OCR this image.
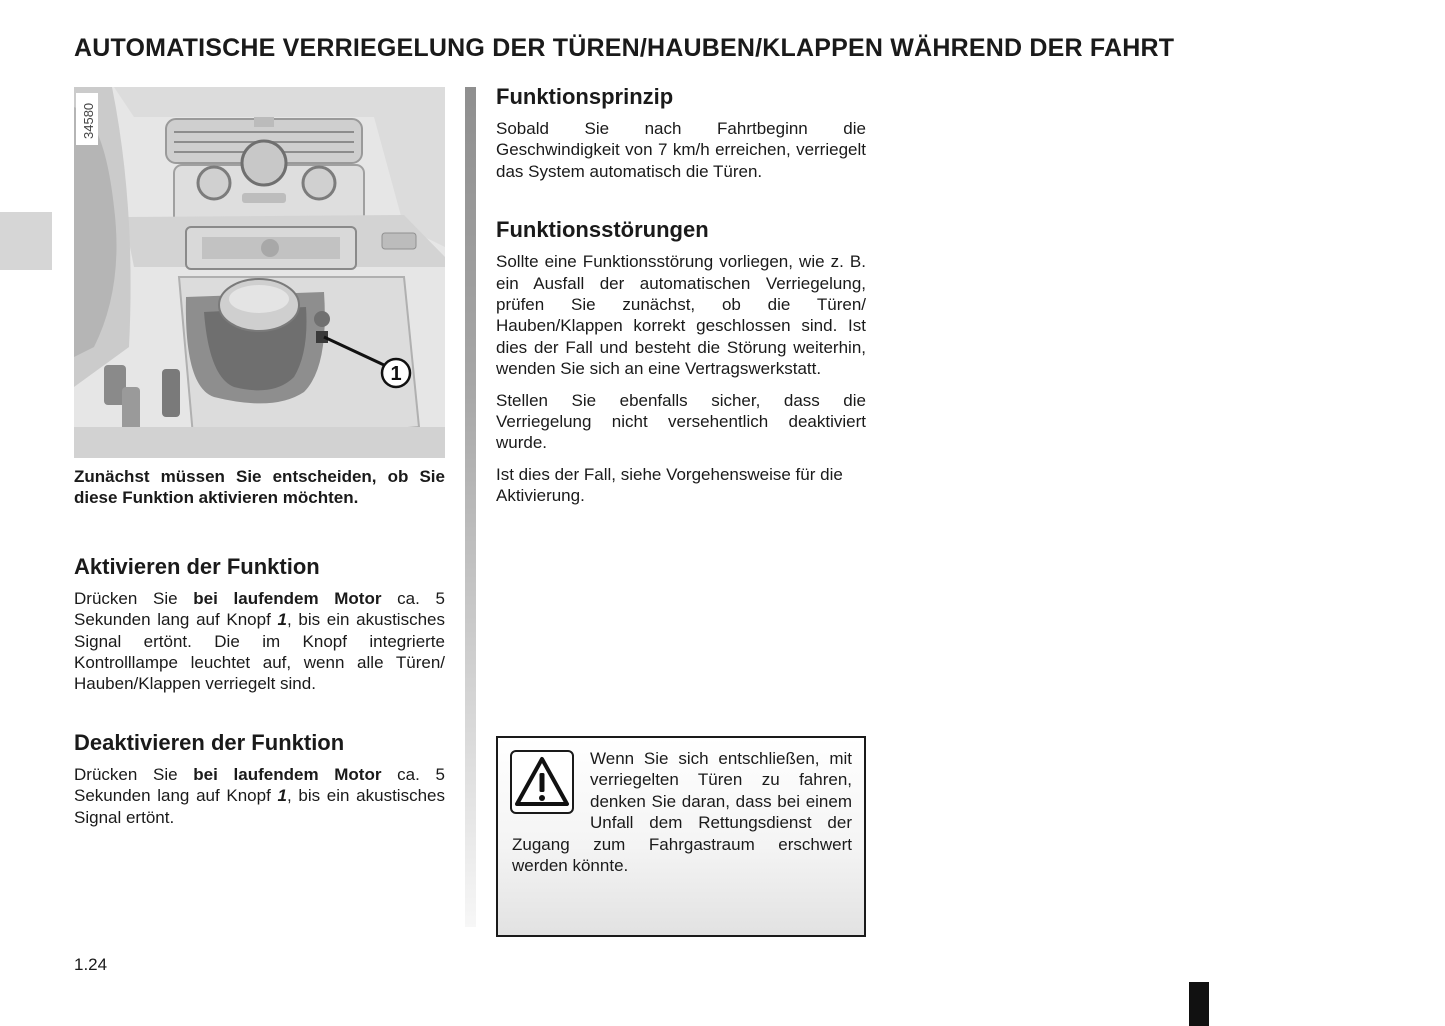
AUTOMATISCHE VERRIEGELUNG DER TÜREN/HAUBEN/KLAPPEN WÄHREND DER FAHRT
1
34580

Zunächst müssen Sie entscheiden, ob Sie diese Funktion aktivieren möchten.

Aktivieren der Funktion

Drücken Sie bei laufendem Motor ca. 5 Sekunden lang auf Knopf 1, bis ein akustisches Signal ertönt. Die im Knopf integrierte Kontrolllampe leuchtet auf, wenn alle Türen/ Hauben/Klappen verriegelt sind.

Deaktivieren der Funktion

Drücken Sie bei laufendem Motor ca. 5 Sekunden lang auf Knopf 1, bis ein akustisches Signal ertönt.

Funktionsprinzip

Sobald Sie nach Fahrtbeginn die Geschwindigkeit von 7 km/h erreichen, verriegelt das System automatisch die Türen.

Funktionsstörungen

Sollte eine Funktionsstörung vorliegen, wie z. B. ein Ausfall der automatischen Verriegelung, prüfen Sie zunächst, ob die Türen/ Hauben/Klappen korrekt geschlossen sind. Ist dies der Fall und besteht die Störung weiterhin, wenden Sie sich an eine Vertragswerkstatt.

Stellen Sie ebenfalls sicher, dass die Verriegelung nicht versehentlich deaktiviert wurde.

Ist dies der Fall, siehe Vorgehensweise für die Aktivierung.

Wenn Sie sich entschließen, mit verriegelten Türen zu fahren, denken Sie daran, dass bei einem Unfall dem Rettungsdienst der Zugang zum Fahrgastraum erschwert werden könnte.

1.24
